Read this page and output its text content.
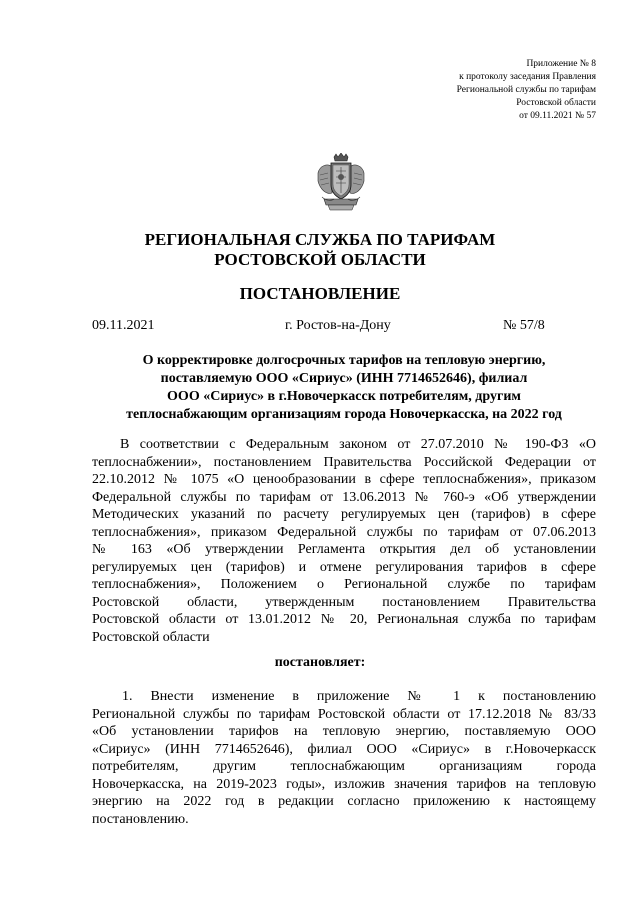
Приложение № 8
к протоколу заседания Правления
Региональной службы по тарифам
Ростовской области
от 09.11.2021 № 57
РЕГИОНАЛЬНАЯ СЛУЖБА ПО ТАРИФАМ
РОСТОВСКОЙ ОБЛАСТИ
ПОСТАНОВЛЕНИЕ
09.11.2021	г. Ростов-на-Дону	№ 57/8
О корректировке долгосрочных тарифов на тепловую энергию,
поставляемую ООО «Сириус» (ИНН 7714652646), филиал
ООО «Сириус» в г.Новочеркасск потребителям, другим
теплоснабжающим организациям города Новочеркасска, на 2022 год
В соответствии с Федеральным законом от 27.07.2010 № 190-ФЗ «О
теплоснабжении», постановлением Правительства Российской Федерации от
22.10.2012 № 1075 «О ценообразовании в сфере теплоснабжения», приказом
Федеральной службы по тарифам от 13.06.2013 № 760-э «Об утверждении
Методических указаний по расчету регулируемых цен (тарифов) в сфере
теплоснабжения», приказом Федеральной службы по тарифам от 07.06.2013
№ 163 «Об утверждении Регламента открытия дел об установлении
регулируемых цен (тарифов) и отмене регулирования тарифов в сфере
теплоснабжения», Положением о Региональной службе по тарифам
Ростовской области, утвержденным постановлением Правительства
Ростовской области от 13.01.2012 № 20, Региональная служба по тарифам
Ростовской области
постановляет:
1. Внести изменение в приложение № 1 к постановлению
Региональной службы по тарифам Ростовской области от 17.12.2018 № 83/33
«Об установлении тарифов на тепловую энергию, поставляемую ООО
«Сириус» (ИНН 7714652646), филиал ООО «Сириус» в г.Новочеркасск
потребителям, другим теплоснабжающим организациям города
Новочеркасска, на 2019-2023 годы», изложив значения тарифов на тепловую
энергию на 2022 год в редакции согласно приложению к настоящему
постановлению.
